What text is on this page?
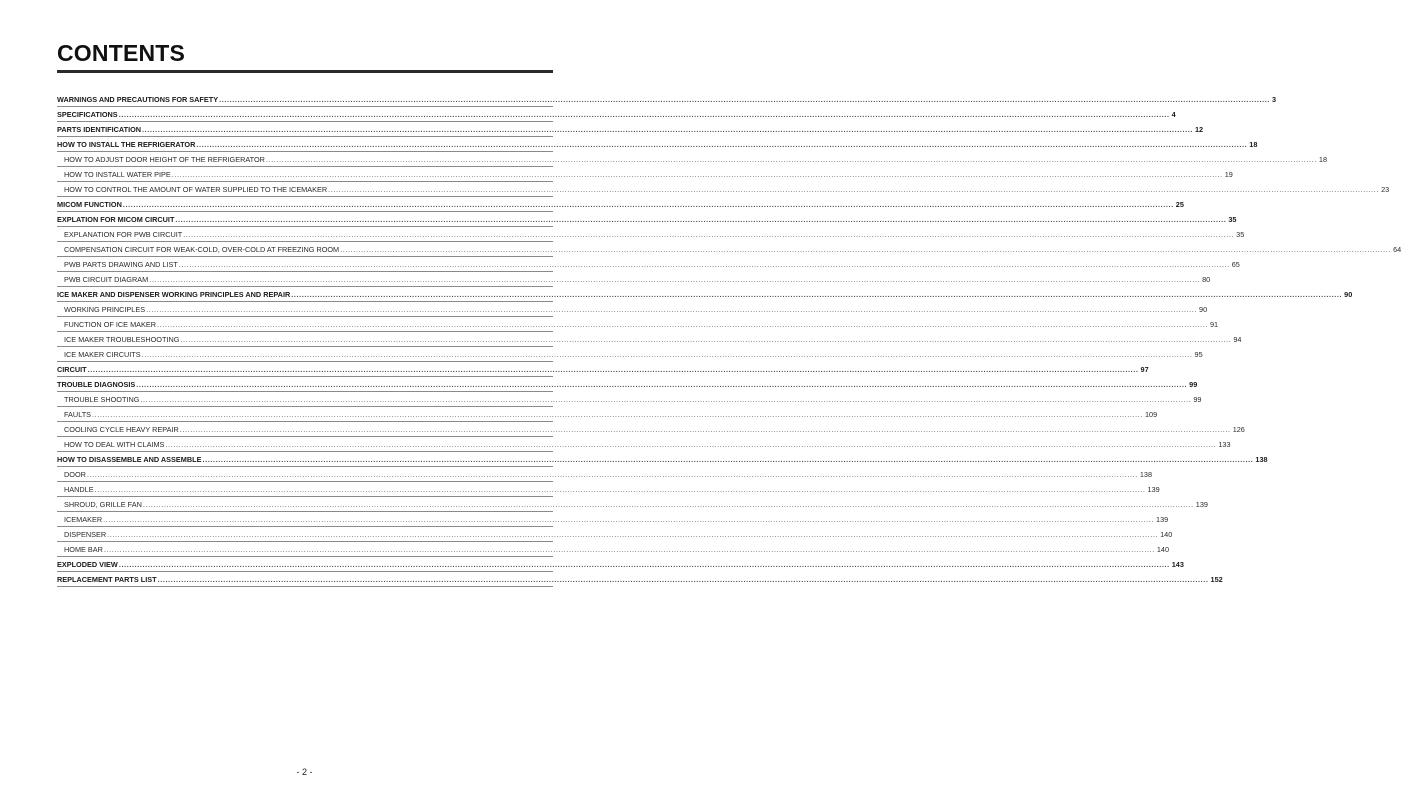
CONTENTS
WARNINGS AND PRECAUTIONS FOR SAFETY ................................................................................................................................................................................................................................................................................................................................................................................................................ 3
SPECIFICATIONS ................................................................................................................................................................................................................................................................................................................................................................................................................ 4
PARTS IDENTIFICATION ................................................................................................................................................................................................................................................................................................................................................................................................................ 12
HOW TO INSTALL THE REFRIGERATOR ................................................................................................................................................................................................................................................................................................................................................................................................................ 18
HOW TO ADJUST DOOR HEIGHT OF THE REFRIGERATOR ................................................................................................................................................................................................................................................................................................................................................................................................................ 18
HOW TO INSTALL WATER PIPE ................................................................................................................................................................................................................................................................................................................................................................................................................ 19
HOW TO CONTROL THE AMOUNT OF WATER SUPPLIED TO THE ICEMAKER ................................................................................................................................................................................................................................................................................................................................................................................................................ 23
MICOM FUNCTION ................................................................................................................................................................................................................................................................................................................................................................................................................ 25
EXPLATION FOR MICOM CIRCUIT ................................................................................................................................................................................................................................................................................................................................................................................................................ 35
EXPLANATION FOR PWB CIRCUIT ................................................................................................................................................................................................................................................................................................................................................................................................................ 35
COMPENSATION CIRCUIT FOR WEAK-COLD, OVER-COLD AT FREEZING ROOM ................................................................................................................................................................................................................................................................................................................................................................................................................ 64
PWB PARTS DRAWING AND LIST ................................................................................................................................................................................................................................................................................................................................................................................................................ 65
PWB CIRCUIT DIAGRAM ................................................................................................................................................................................................................................................................................................................................................................................................................ 80
ICE MAKER AND DISPENSER WORKING PRINCIPLES AND REPAIR ................................................................................................................................................................................................................................................................................................................................................................................................................ 90
WORKING PRINCIPLES ................................................................................................................................................................................................................................................................................................................................................................................................................ 90
FUNCTION OF ICE MAKER ................................................................................................................................................................................................................................................................................................................................................................................................................ 91
ICE MAKER TROUBLESHOOTING ................................................................................................................................................................................................................................................................................................................................................................................................................ 94
ICE MAKER CIRCUITS ................................................................................................................................................................................................................................................................................................................................................................................................................ 95
CIRCUIT ................................................................................................................................................................................................................................................................................................................................................................................................................ 97
TROUBLE DIAGNOSIS ................................................................................................................................................................................................................................................................................................................................................................................................................ 99
TROUBLE SHOOTING ................................................................................................................................................................................................................................................................................................................................................................................................................ 99
FAULTS ................................................................................................................................................................................................................................................................................................................................................................................................................ 109
COOLING CYCLE HEAVY REPAIR ................................................................................................................................................................................................................................................................................................................................................................................................................ 126
HOW TO DEAL WITH CLAIMS ................................................................................................................................................................................................................................................................................................................................................................................................................ 133
HOW TO DISASSEMBLE AND ASSEMBLE ................................................................................................................................................................................................................................................................................................................................................................................................................ 138
DOOR ................................................................................................................................................................................................................................................................................................................................................................................................................ 138
HANDLE ................................................................................................................................................................................................................................................................................................................................................................................................................ 139
SHROUD, GRILLE FAN ................................................................................................................................................................................................................................................................................................................................................................................................................ 139
ICEMAKER ................................................................................................................................................................................................................................................................................................................................................................................................................ 139
DISPENSER ................................................................................................................................................................................................................................................................................................................................................................................................................ 140
HOME BAR ................................................................................................................................................................................................................................................................................................................................................................................................................ 140
EXPLODED VIEW ................................................................................................................................................................................................................................................................................................................................................................................................................ 143
REPLACEMENT PARTS LIST ................................................................................................................................................................................................................................................................................................................................................................................................................ 152
- 2 -
